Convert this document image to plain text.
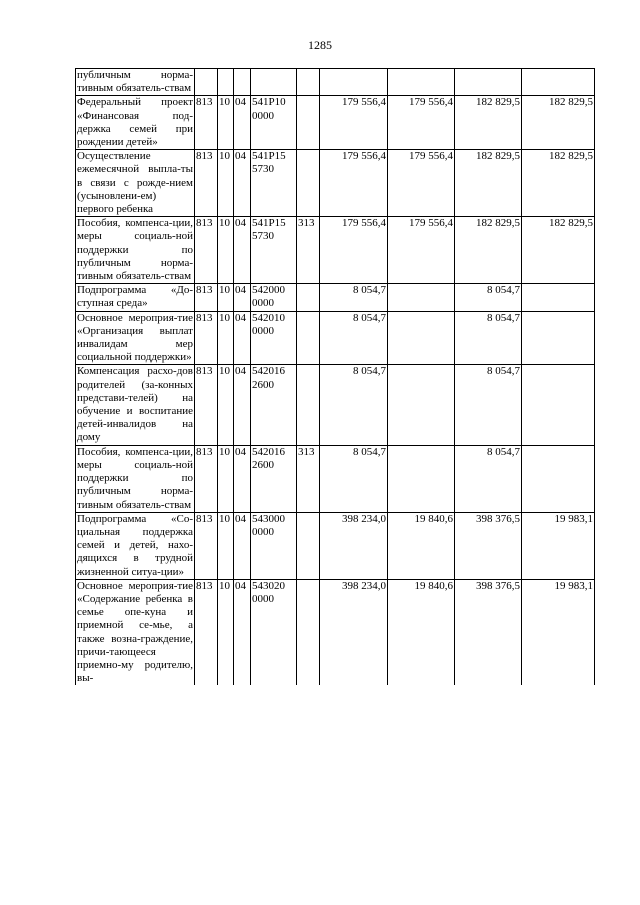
1285
публичным норма-тивным обязатель-ствам									
Федеральный проект «Финансовая под-держка семей при рождении детей»	813	10	04	541P10 0000		179 556,4	179 556,4	182 829,5	182 829,5
Осуществление ежемесячной выпла-ты в связи с рожде-нием (усыновлени-ем) первого ребенка	813	10	04	541P15 5730		179 556,4	179 556,4	182 829,5	182 829,5
Пособия, компенса-ции, меры социаль-ной поддержки по публичным норма-тивным обязатель-ствам	813	10	04	541P15 5730	313	179 556,4	179 556,4	182 829,5	182 829,5
Подпрограмма «До-ступная среда»	813	10	04	542000 0000		8 054,7		8 054,7	
Основное мероприя-тие «Организация выплат инвалидам мер социальной поддержки»	813	10	04	542010 0000		8 054,7		8 054,7	
Компенсация расхо-дов родителей (за-конных представи-телей) на обучение и воспитание детей-инвалидов на дому	813	10	04	542016 2600		8 054,7		8 054,7	
Пособия, компенса-ции, меры социаль-ной поддержки по публичным норма-тивным обязатель-ствам	813	10	04	542016 2600	313	8 054,7		8 054,7	
Подпрограмма «Со-циальная поддержка семей и детей, нахо-дящихся в трудной жизненной ситуа-ции»	813	10	04	543000 0000		398 234,0	19 840,6	398 376,5	19 983,1
Основное мероприя-тие «Содержание ребенка в семье опе-куна и приемной се-мье, а также возна-граждение, причи-тающееся приемно-му родителю, вы-	813	10	04	543020 0000		398 234,0	19 840,6	398 376,5	19 983,1
